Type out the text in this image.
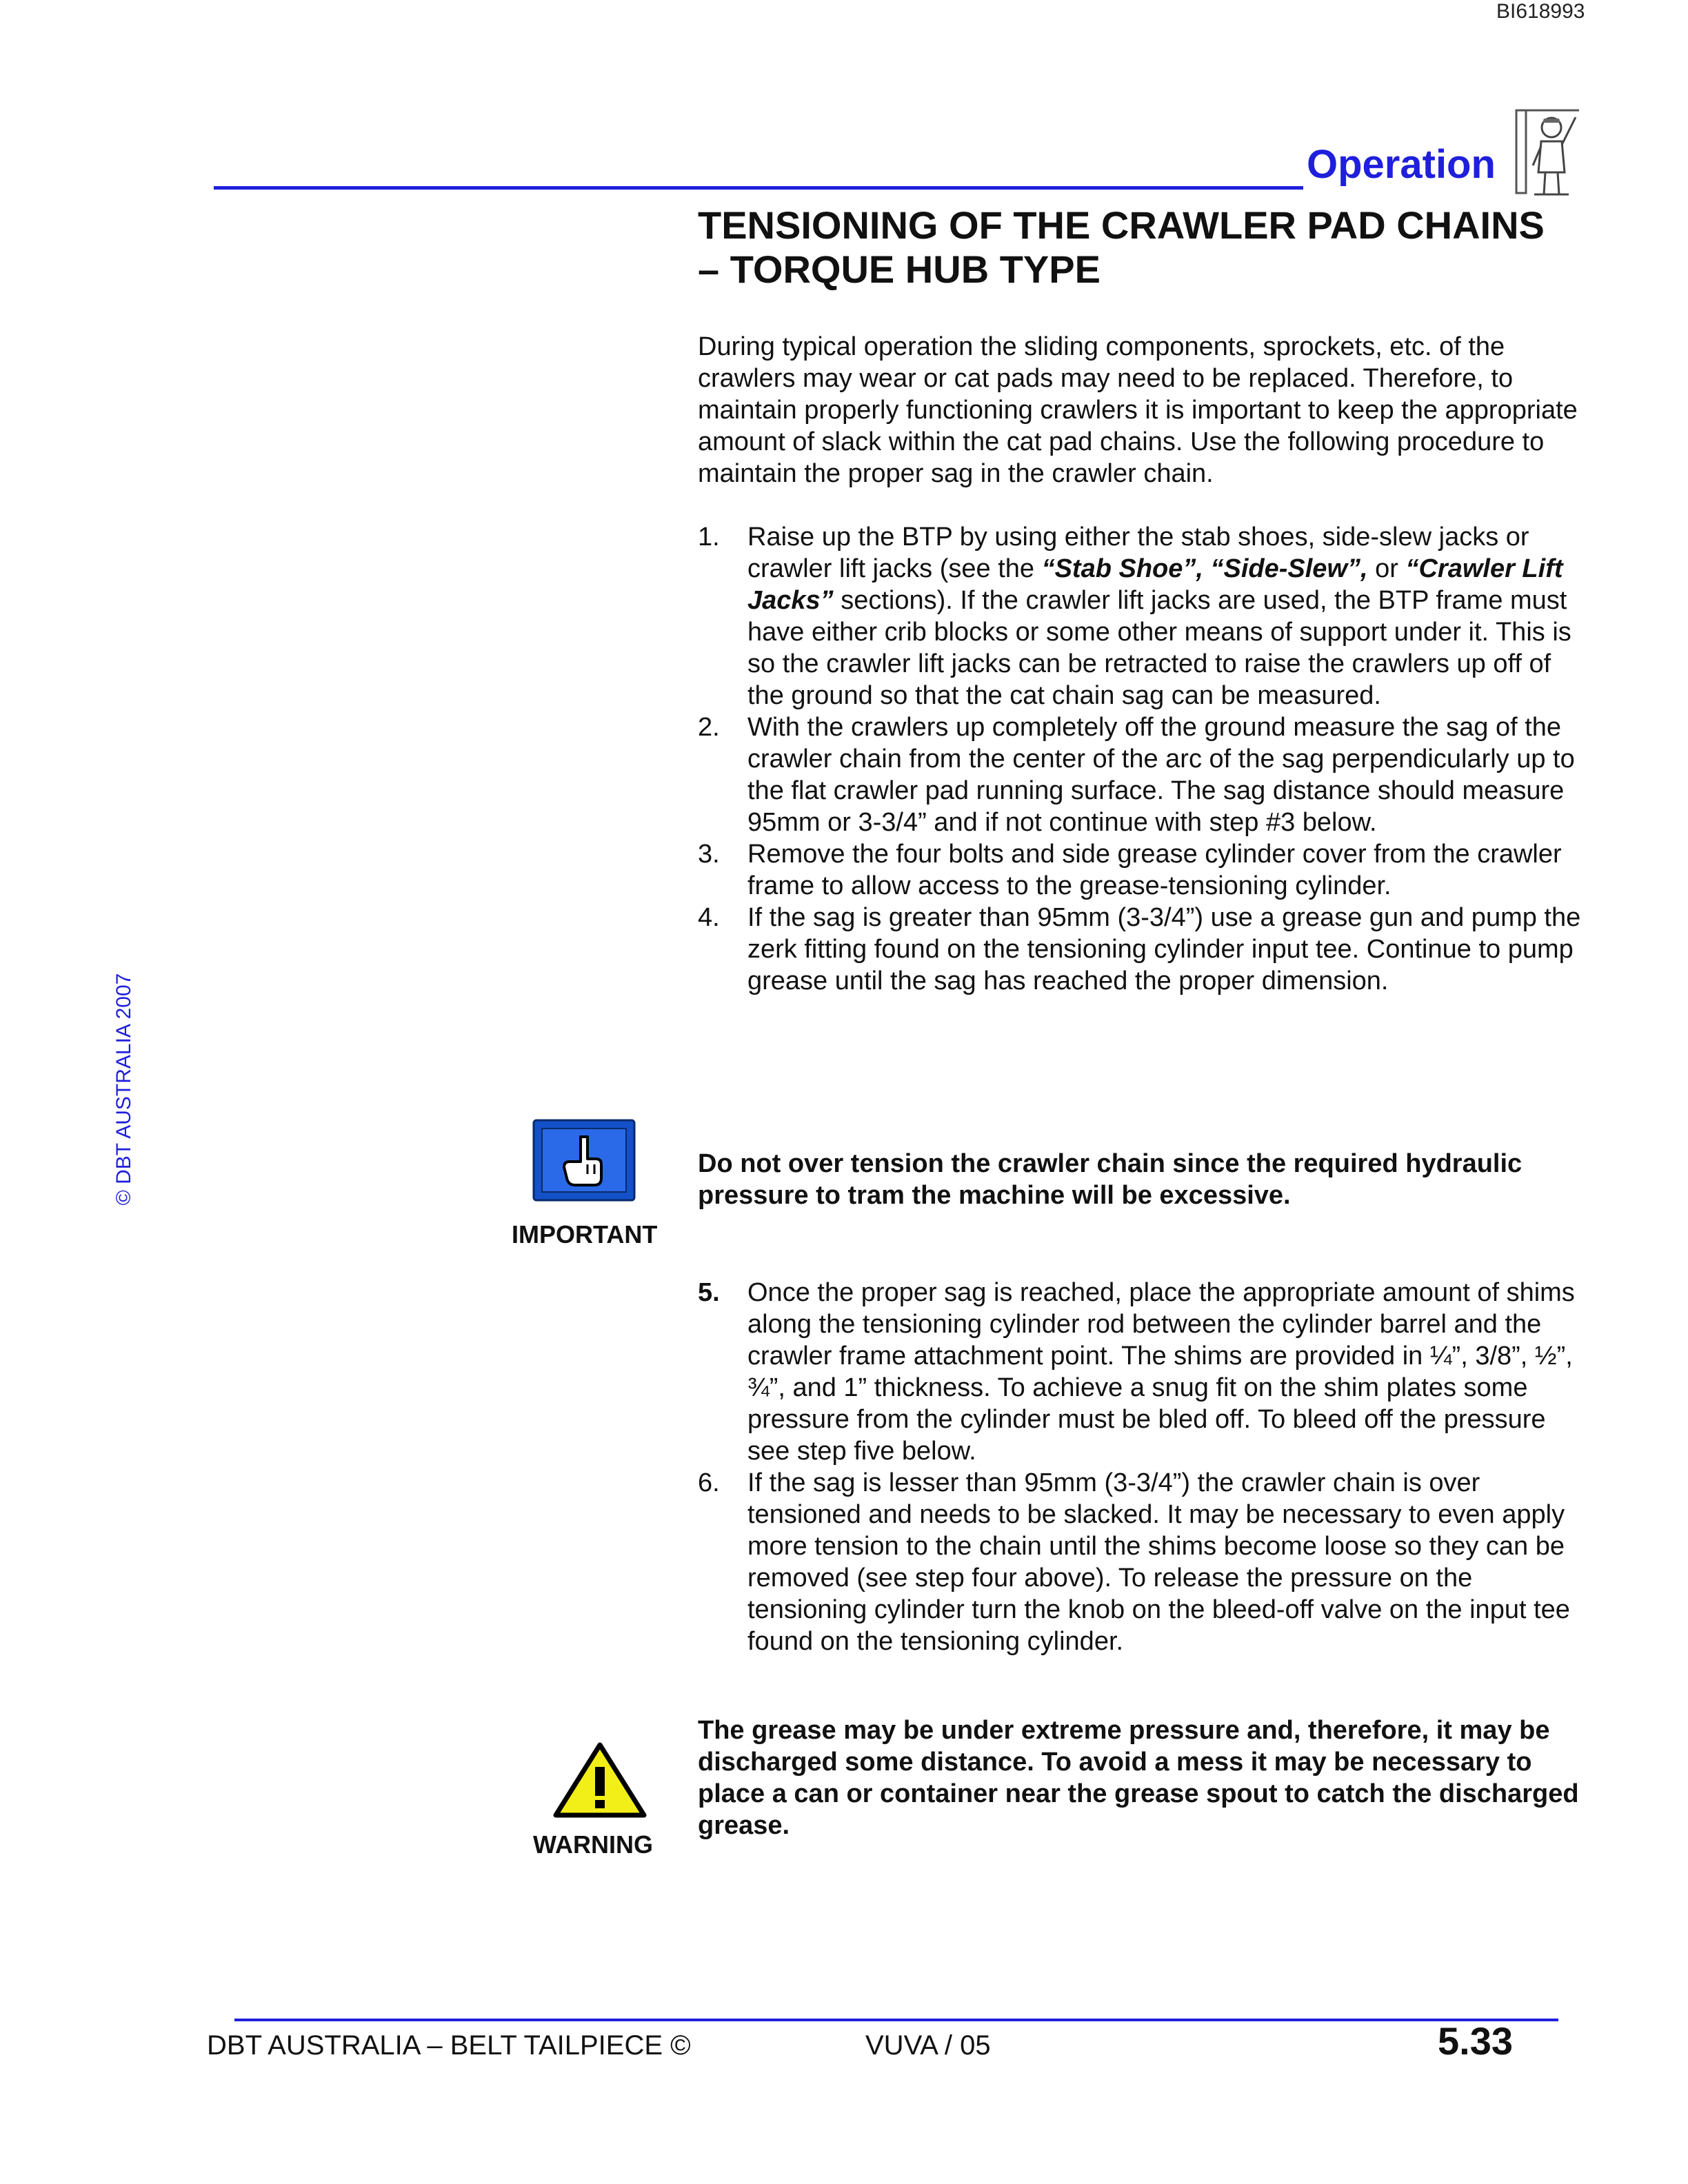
BI618993
Operation
TENSIONING OF THE CRAWLER PAD CHAINS
– TORQUE HUB TYPE
During typical operation the sliding components, sprockets, etc. of the crawlers may wear or cat pads may need to be replaced. Therefore, to maintain properly functioning crawlers it is important to keep the appropriate amount of slack within the cat pad chains. Use the following procedure to maintain the proper sag in the crawler chain.
1. Raise up the BTP by using either the stab shoes, side-slew jacks or crawler lift jacks (see the “Stab Shoe”, “Side-Slew”, or “Crawler Lift Jacks” sections). If the crawler lift jacks are used, the BTP frame must have either crib blocks or some other means of support under it. This is so the crawler lift jacks can be retracted to raise the crawlers up off of the ground so that the cat chain sag can be measured.
2. With the crawlers up completely off the ground measure the sag of the crawler chain from the center of the arc of the sag perpendicularly up to the flat crawler pad running surface. The sag distance should measure 95mm or 3-3/4” and if not continue with step #3 below.
3. Remove the four bolts and side grease cylinder cover from the crawler frame to allow access to the grease-tensioning cylinder.
4. If the sag is greater than 95mm (3-3/4”) use a grease gun and pump the zerk fitting found on the tensioning cylinder input tee. Continue to pump grease until the sag has reached the proper dimension.
IMPORTANT
Do not over tension the crawler chain since the required hydraulic pressure to tram the machine will be excessive.
5. Once the proper sag is reached, place the appropriate amount of shims along the tensioning cylinder rod between the cylinder barrel and the crawler frame attachment point. The shims are provided in ¼”, 3/8”, ½”, ¾”, and 1” thickness. To achieve a snug fit on the shim plates some pressure from the cylinder must be bled off. To bleed off the pressure see step five below.
6. If the sag is lesser than 95mm (3-3/4”) the crawler chain is over tensioned and needs to be slacked. It may be necessary to even apply more tension to the chain until the shims become loose so they can be removed (see step four above). To release the pressure on the tensioning cylinder turn the knob on the bleed-off valve on the input tee found on the tensioning cylinder.
WARNING
The grease may be under extreme pressure and, therefore, it may be discharged some distance. To avoid a mess it may be necessary to place a can or container near the grease spout to catch the discharged grease.
© DBT AUSTRALIA 2007
DBT AUSTRALIA – BELT TAILPIECE ©	VUVA / 05	5.33
